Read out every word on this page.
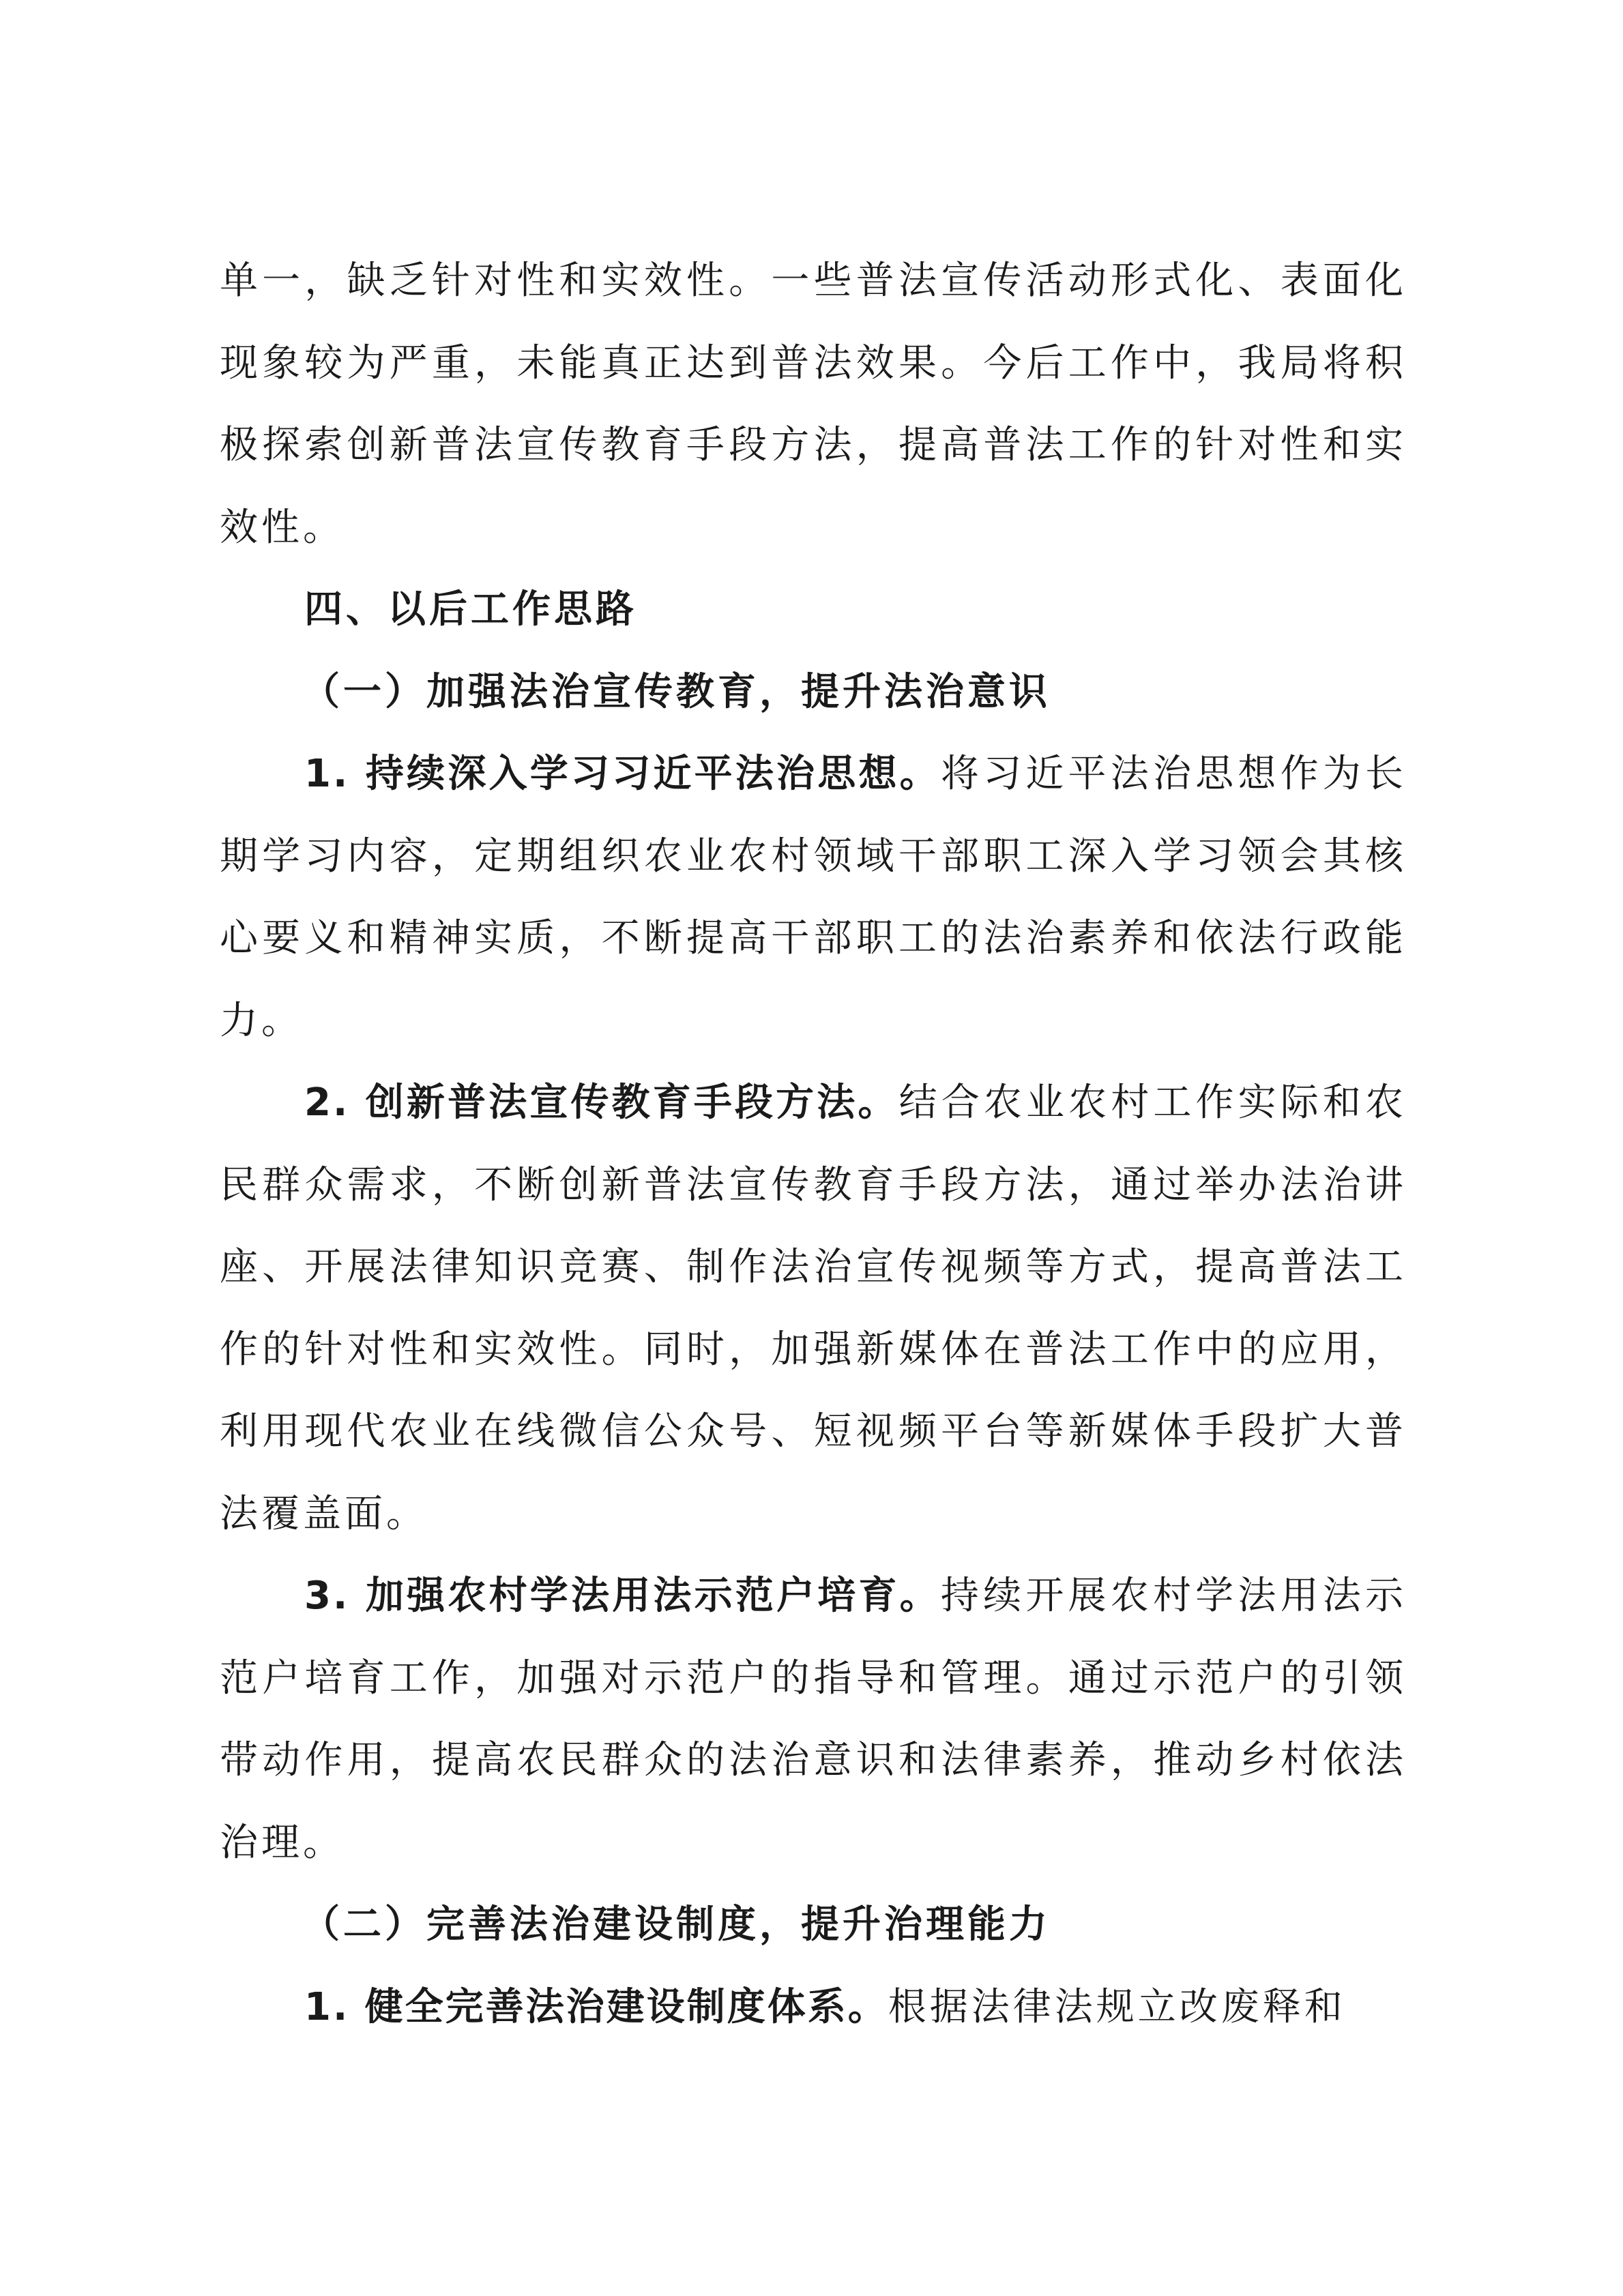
单一，缺乏针对性和实效性。一些普法宣传活动形式化、表面化现象较为严重，未能真正达到普法效果。今后工作中，我局将积极探索创新普法宣传教育手段方法，提高普法工作的针对性和实效性。

四、以后工作思路

（一）加强法治宣传教育，提升法治意识

1. 持续深入学习习近平法治思想。将习近平法治思想作为长期学习内容，定期组织农业农村领域干部职工深入学习领会其核心要义和精神实质，不断提高干部职工的法治素养和依法行政能力。

2. 创新普法宣传教育手段方法。结合农业农村工作实际和农民群众需求，不断创新普法宣传教育手段方法，通过举办法治讲座、开展法律知识竞赛、制作法治宣传视频等方式，提高普法工作的针对性和实效性。同时，加强新媒体在普法工作中的应用，利用现代农业在线微信公众号、短视频平台等新媒体手段扩大普法覆盖面。

3. 加强农村学法用法示范户培育。持续开展农村学法用法示范户培育工作，加强对示范户的指导和管理。通过示范户的引领带动作用，提高农民群众的法治意识和法律素养，推动乡村依法治理。

（二）完善法治建设制度，提升治理能力

1. 健全完善法治建设制度体系。根据法律法规立改废释和
